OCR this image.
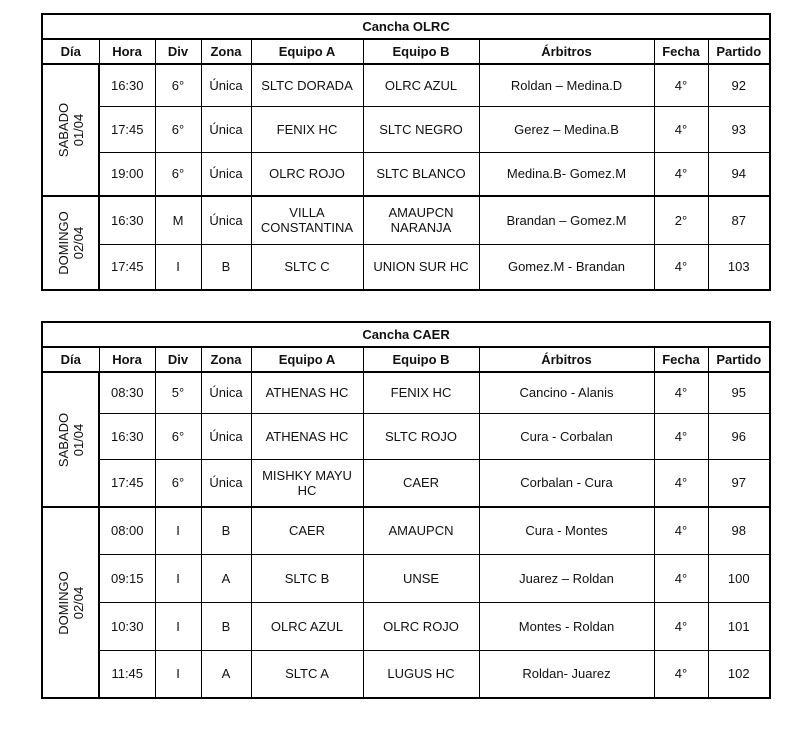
Cancha OLRC								
Día	Hora	Div	Zona	Equipo A	Equipo B	Árbitros	Fecha	Partido

SABADO 01/04	16:30	6°	Única	SLTC DORADA	OLRC AZUL	Roldan – Medina.D	4°	92
	17:45	6°	Única	FENIX HC	SLTC NEGRO	Gerez – Medina.B	4°	93
	19:00	6°	Única	OLRC ROJO	SLTC BLANCO	Medina.B- Gomez.M	4°	94

DOMINGO 02/04	16:30	M	Única	VILLA CONSTANTINA	AMAUPCN NARANJA	Brandan – Gomez.M	2°	87
	17:45	I	B	SLTC C	UNION SUR HC	Gomez.M - Brandan	4°	103
Cancha CAER								
Día	Hora	Div	Zona	Equipo A	Equipo B	Árbitros	Fecha	Partido

SABADO 01/04	08:30	5°	Única	ATHENAS HC	FENIX HC	Cancino - Alanis	4°	95
	16:30	6°	Única	ATHENAS HC	SLTC ROJO	Cura - Corbalan	4°	96
	17:45	6°	Única	MISHKY MAYU HC	CAER	Corbalan - Cura	4°	97

DOMINGO 02/04	08:00	I	B	CAER	AMAUPCN	Cura - Montes	4°	98
	09:15	I	A	SLTC B	UNSE	Juarez – Roldan	4°	100
	10:30	I	B	OLRC AZUL	OLRC ROJO	Montes - Roldan	4°	101
	11:45	I	A	SLTC A	LUGUS HC	Roldan- Juarez	4°	102
